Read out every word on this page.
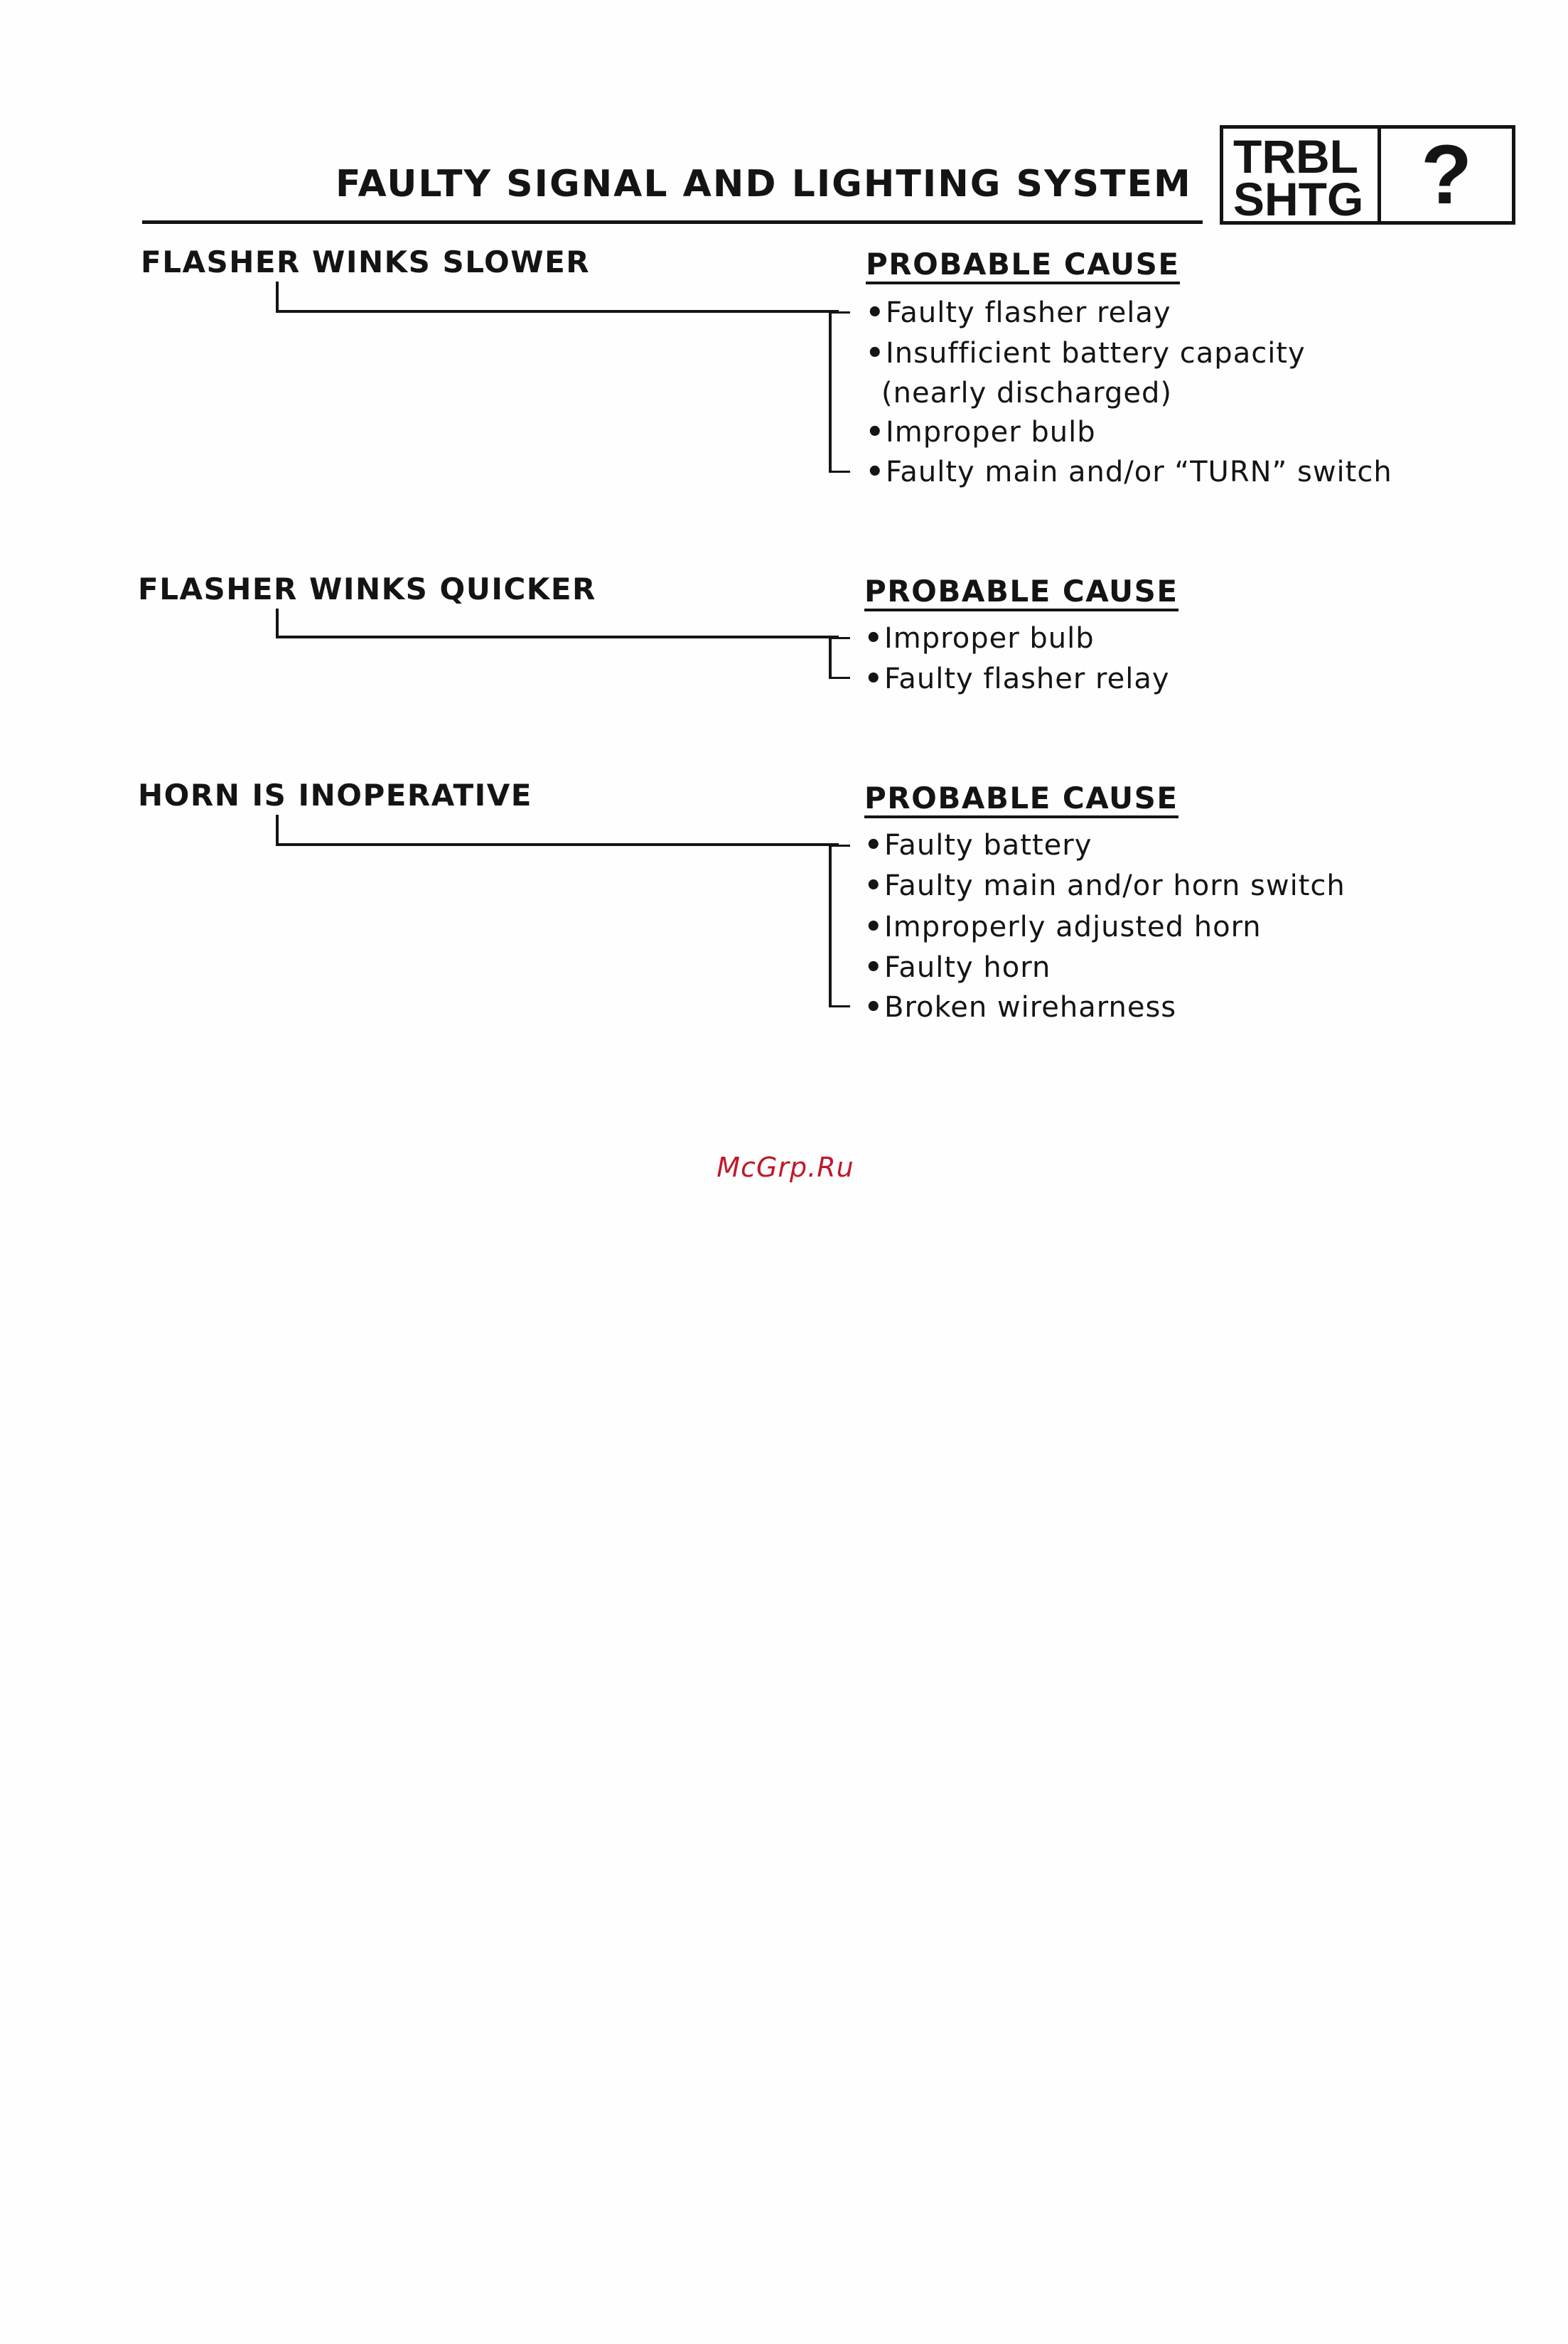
FAULTY SIGNAL AND LIGHTING SYSTEM
TRBL
SHTG ?
FLASHER WINKS SLOWER	PROBABLE CAUSE
•Faulty flasher relay
•Insufficient battery capacity
(nearly discharged)
•Improper bulb
•Faulty main and/or “TURN” switch
FLASHER WINKS QUICKER	PROBABLE CAUSE
•Improper bulb
•Faulty flasher relay
HORN IS INOPERATIVE	PROBABLE CAUSE
•Faulty battery
•Faulty main and/or horn switch
•Improperly adjusted horn
•Faulty horn
•Broken wireharness
McGrp.Ru
